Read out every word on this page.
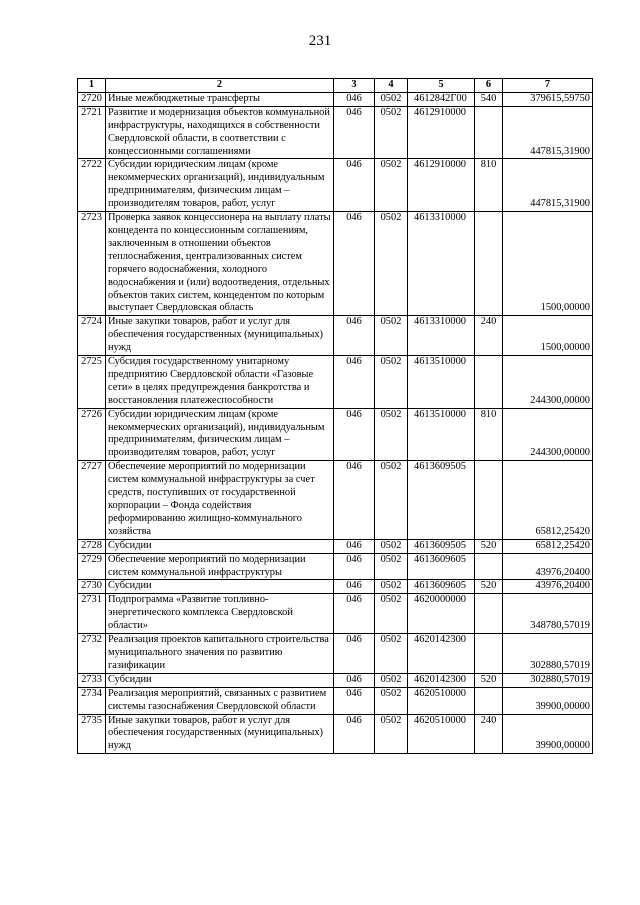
231
1	2	3	4	5	6	7
2720	Иные межбюджетные трансферты	046	0502	4612842Г00	540	379615,59750
2721	Развитие и модернизация объектов коммунальной инфраструктуры, находящихся в собственности Свердловской области, в соответствии с концессионными соглашениями	046	0502	4612910000		447815,31900
2722	Субсидии юридическим лицам (кроме некоммерческих организаций), индивидуальным предпринимателям, физическим лицам – производителям товаров, работ, услуг	046	0502	4612910000	810	447815,31900
2723	Проверка заявок концессионера на выплату платы концедента по концессионным соглашениям, заключенным в отношении объектов теплоснабжения, централизованных систем горячего водоснабжения, холодного водоснабжения и (или) водоотведения, отдельных объектов таких систем, концедентом по которым выступает Свердловская область	046	0502	4613310000		1500,00000
2724	Иные закупки товаров, работ и услуг для обеспечения государственных (муниципальных) нужд	046	0502	4613310000	240	1500,00000
2725	Субсидия государственному унитарному предприятию Свердловской области «Газовые сети» в целях предупреждения банкротства и восстановления платежеспособности	046	0502	4613510000		244300,00000
2726	Субсидии юридическим лицам (кроме некоммерческих организаций), индивидуальным предпринимателям, физическим лицам – производителям товаров, работ, услуг	046	0502	4613510000	810	244300,00000
2727	Обеспечение мероприятий по модернизации систем коммунальной инфраструктуры за счет средств, поступивших от государственной корпорации – Фонда содействия реформированию жилищно-коммунального хозяйства	046	0502	4613609505		65812,25420
2728	Субсидии	046	0502	4613609505	520	65812,25420
2729	Обеспечение мероприятий по модернизации систем коммунальной инфраструктуры	046	0502	4613609605		43976,20400
2730	Субсидии	046	0502	4613609605	520	43976,20400
2731	Подпрограмма «Развитие топливно-энергетического комплекса Свердловской области»	046	0502	4620000000		348780,57019
2732	Реализация проектов капитального строительства муниципального значения по развитию газификации	046	0502	4620142300		302880,57019
2733	Субсидии	046	0502	4620142300	520	302880,57019
2734	Реализация мероприятий, связанных с развитием системы газоснабжения Свердловской области	046	0502	4620510000		39900,00000
2735	Иные закупки товаров, работ и услуг для обеспечения государственных (муниципальных) нужд	046	0502	4620510000	240	39900,00000
